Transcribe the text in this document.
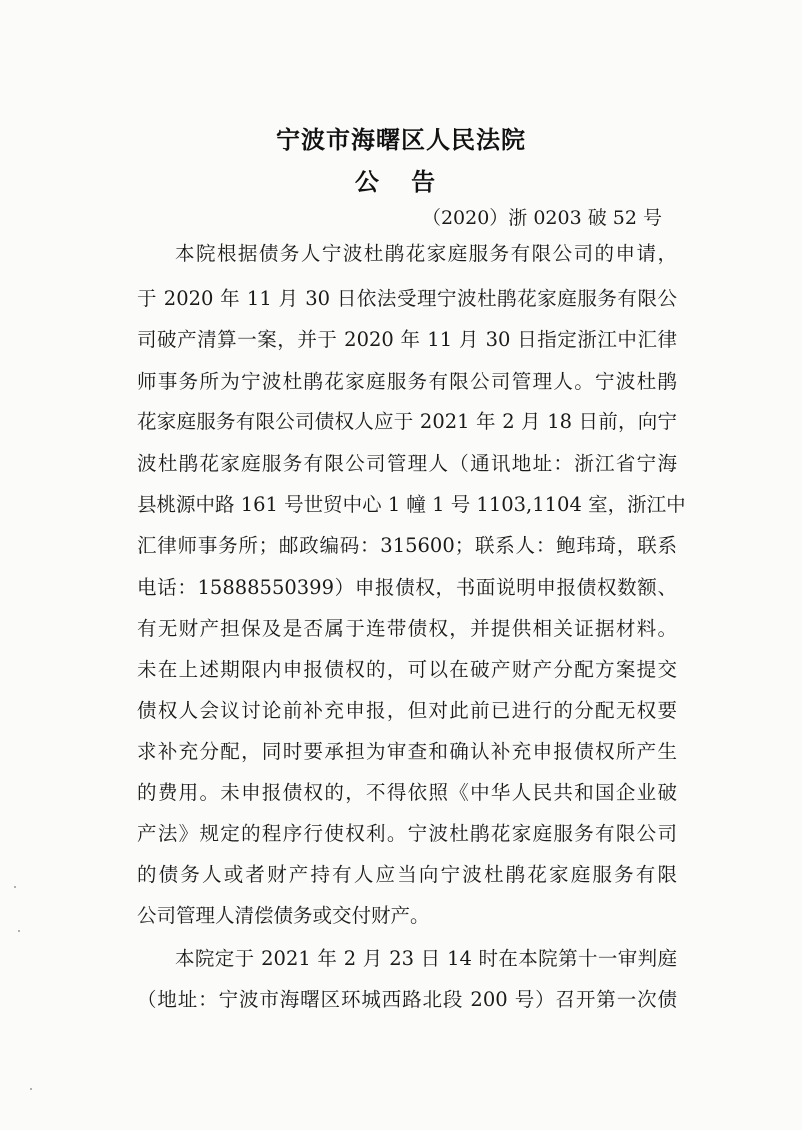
宁波市海曙区人民法院
公 告
（2020）浙 0203 破 52 号
本院根据债务人宁波杜鹃花家庭服务有限公司的申请，
于 2020 年 11 月 30 日依法受理宁波杜鹃花家庭服务有限公
司破产清算一案，并于 2020 年 11 月 30 日指定浙江中汇律
师事务所为宁波杜鹃花家庭服务有限公司管理人。宁波杜鹃
花家庭服务有限公司债权人应于 2021 年 2 月 18 日前，向宁
波杜鹃花家庭服务有限公司管理人（通讯地址：浙江省宁海
县桃源中路 161 号世贸中心 1 幢 1 号 1103,1104 室，浙江中
汇律师事务所；邮政编码：315600；联系人：鲍玮琦，联系
电话：15888550399）申报债权，书面说明申报债权数额、
有无财产担保及是否属于连带债权，并提供相关证据材料。
未在上述期限内申报债权的，可以在破产财产分配方案提交
债权人会议讨论前补充申报，但对此前已进行的分配无权要
求补充分配，同时要承担为审查和确认补充申报债权所产生
的费用。未申报债权的，不得依照《中华人民共和国企业破
产法》规定的程序行使权利。宁波杜鹃花家庭服务有限公司
的债务人或者财产持有人应当向宁波杜鹃花家庭服务有限
公司管理人清偿债务或交付财产。
本院定于 2021 年 2 月 23 日 14 时在本院第十一审判庭
（地址：宁波市海曙区环城西路北段 200 号）召开第一次债
